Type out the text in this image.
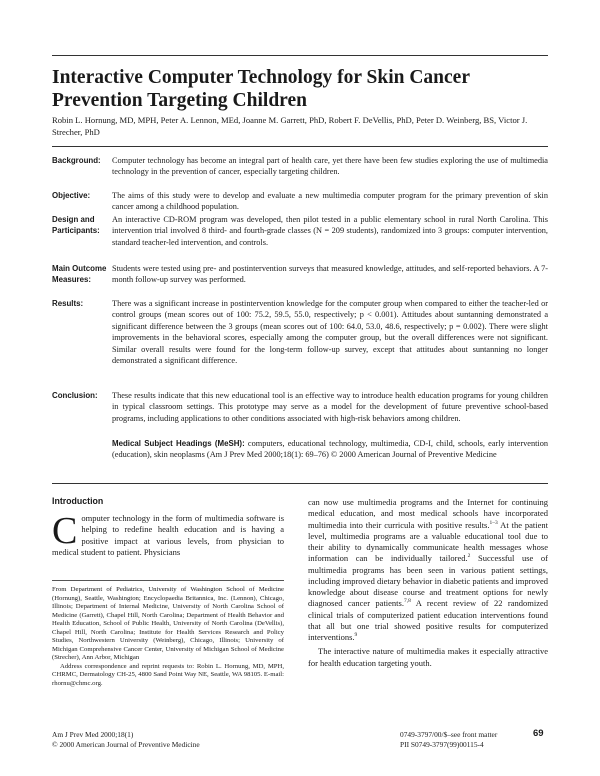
Interactive Computer Technology for Skin Cancer Prevention Targeting Children
Robin L. Hornung, MD, MPH, Peter A. Lennon, MEd, Joanne M. Garrett, PhD, Robert F. DeVellis, PhD, Peter D. Weinberg, BS, Victor J. Strecher, PhD
Background:	Computer technology has become an integral part of health care, yet there have been few studies exploring the use of multimedia technology in the prevention of cancer, especially targeting children.
Objective:	The aims of this study were to develop and evaluate a new multimedia computer program for the primary prevention of skin cancer among a childhood population.
Design and Participants:
An interactive CD-ROM program was developed, then pilot tested in a public elementary school in rural North Carolina. This intervention trial involved 8 third- and fourth-grade classes (N = 209 students), randomized into 3 groups: computer intervention, standard teacher-led intervention, and controls.
Main Outcome Measures:
Students were tested using pre- and postintervention surveys that measured knowledge, attitudes, and self-reported behaviors. A 7-month follow-up survey was performed.
Results:	There was a significant increase in postintervention knowledge for the computer group when compared to either the teacher-led or control groups (mean scores out of 100: 75.2, 59.5, 55.0, respectively; p < 0.001). Attitudes about suntanning demonstrated a significant difference between the 3 groups (mean scores out of 100: 64.0, 53.0, 48.6, respectively; p = 0.002). There were slight improvements in the behavioral scores, especially among the computer group, but the overall differences were not significant. Similar overall results were found for the long-term follow-up survey, except that attitudes about suntanning no longer demonstrated a significant difference.
Conclusion:	These results indicate that this new educational tool is an effective way to introduce health education programs for young children in typical classroom settings. This prototype may serve as a model for the development of future preventive school-based programs, including applications to other conditions associated with high-risk behaviors among children.
Medical Subject Headings (MeSH): computers, educational technology, multimedia, CD-I, child, schools, early intervention (education), skin neoplasms (Am J Prev Med 2000;18(1): 69–76) © 2000 American Journal of Preventive Medicine
Introduction
Computer technology in the form of multimedia software is helping to redefine health education and is having a positive impact at various levels, from physician to medical student to patient. Physicians
From Department of Pediatrics, University of Washington School of Medicine (Hornung), Seattle, Washington; Encyclopaedia Britannica, Inc. (Lennon), Chicago, Illinois; Department of Internal Medicine, University of North Carolina School of Medicine (Garrett), Chapel Hill, North Carolina; Department of Health Behavior and Health Education, School of Public Health, University of North Carolina (DeVellis), Chapel Hill, North Carolina; Institute for Health Services Research and Policy Studies, Northwestern University (Weinberg), Chicago, Illinois; University of Michigan Comprehensive Cancer Center, University of Michigan School of Medicine (Strecher), Ann Arbor, Michigan
Address correspondence and reprint requests to: Robin L. Hornung, MD, MPH, CHRMC, Dermatology CH-25, 4800 Sand Point Way NE, Seattle, WA 98105. E-mail: rhornu@chmc.org.
can now use multimedia programs and the Internet for continuing medical education, and most medical schools have incorporated multimedia into their curricula with positive results.$^{1-3}$ At the patient level, multimedia programs are a valuable educational tool due to their ability to dynamically communicate health messages whose information can be individually tailored.$^2$ Successful use of multimedia programs has been seen in various patient settings, including improved dietary behavior in diabetic patients and improved knowledge about disease course and treatment options for newly diagnosed cancer patients.$^{7,8}$ A recent review of 22 randomized clinical trials of computerized patient education interventions found that all but one trial showed positive results for computerized interventions.$^9$
The interactive nature of multimedia makes it especially attractive for health education targeting youth.
Am J Prev Med 2000;18(1)
© 2000 American Journal of Preventive Medicine
0749-3797/00/$–see front matter
PII S0749-3797(99)00115-4
69
